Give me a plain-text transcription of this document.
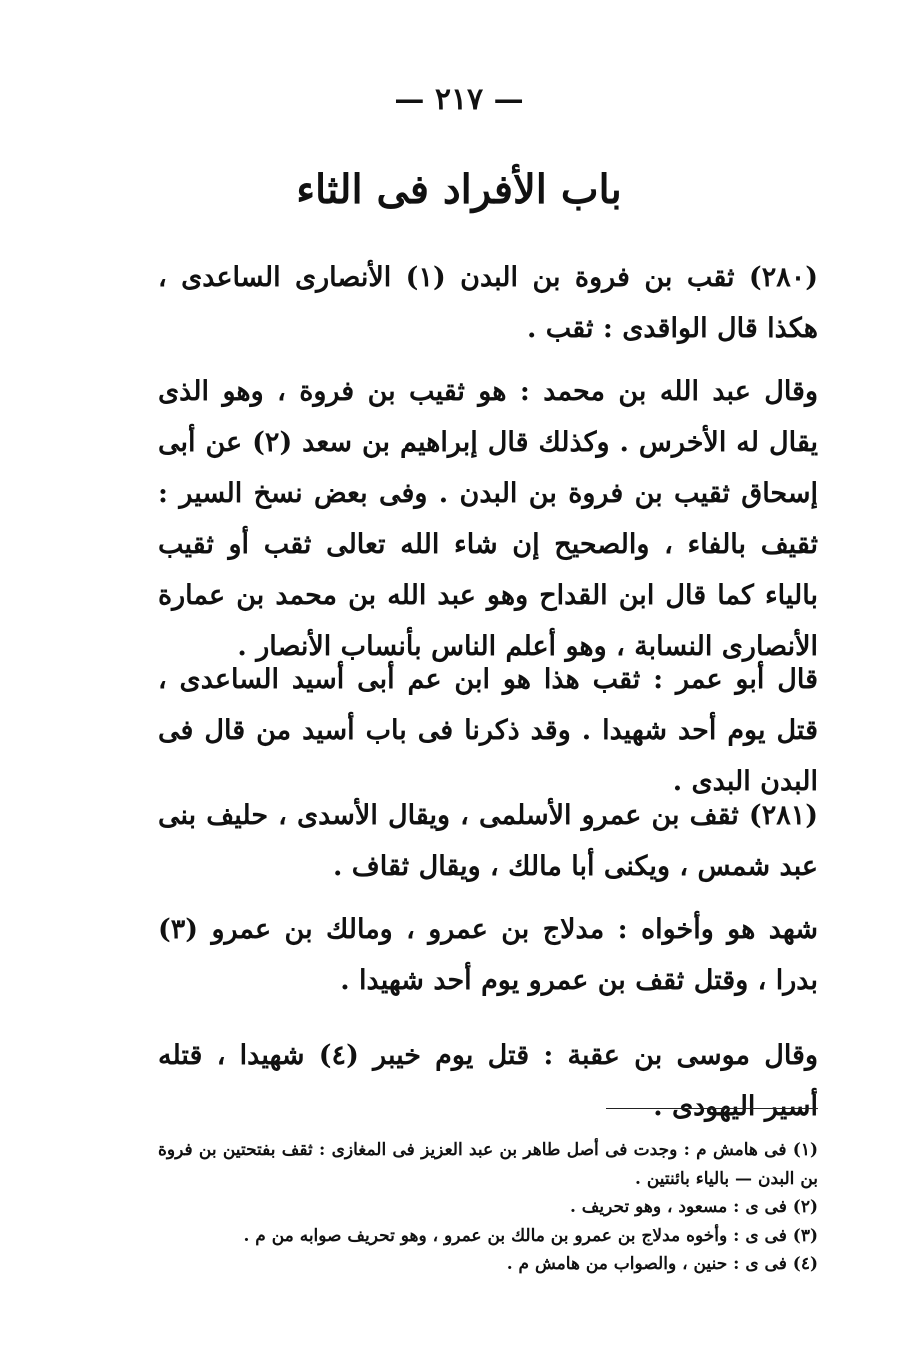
— ٢١٧ —
باب الأفراد فى الثاء

(٢٨٠) ثقب بن فروة بن البدن (١) الأنصارى الساعدى ، هكذا قال الواقدى : ثقب .

وقال عبد الله بن محمد : هو ثقيب بن فروة ، وهو الذى يقال له الأخرس . وكذلك قال إبراهيم بن سعد (٢) عن أبى إسحاق ثقيب بن فروة بن البدن . وفى بعض نسخ السير : ثقيف بالفاء ، والصحيح إن شاء الله تعالى ثقب أو ثقيب بالياء كما قال ابن القداح وهو عبد الله بن محمد بن عمارة الأنصارى النسابة ، وهو أعلم الناس بأنساب الأنصار .

قال أبو عمر : ثقب هذا هو ابن عم أبى أسيد الساعدى ، قتل يوم أحد شهيدا . وقد ذكرنا فى باب أسيد من قال فى البدن البدى .

(٢٨١) ثقف بن عمرو الأسلمى ، ويقال الأسدى ، حليف بنى عبد شمس ، ويكنى أبا مالك ، ويقال ثقاف .

شهد هو وأخواه : مدلاج بن عمرو ، ومالك بن عمرو (٣) بدرا ، وقتل ثقف بن عمرو يوم أحد شهيدا .

وقال موسى بن عقبة : قتل يوم خيبر (٤) شهيدا ، قتله أسير اليهودى .

(١) فى هامش م : وجدت فى أصل طاهر بن عبد العزيز فى المغازى : ثقف بفتحتين بن فروة بن البدن — بالياء بائنتين .

(٢) فى ى : مسعود ، وهو تحريف .

(٣) فى ى : وأخوه مدلاج بن عمرو بن مالك بن عمرو ، وهو تحريف صوابه من م .

(٤) فى ى : حنين ، والصواب من هامش م .
